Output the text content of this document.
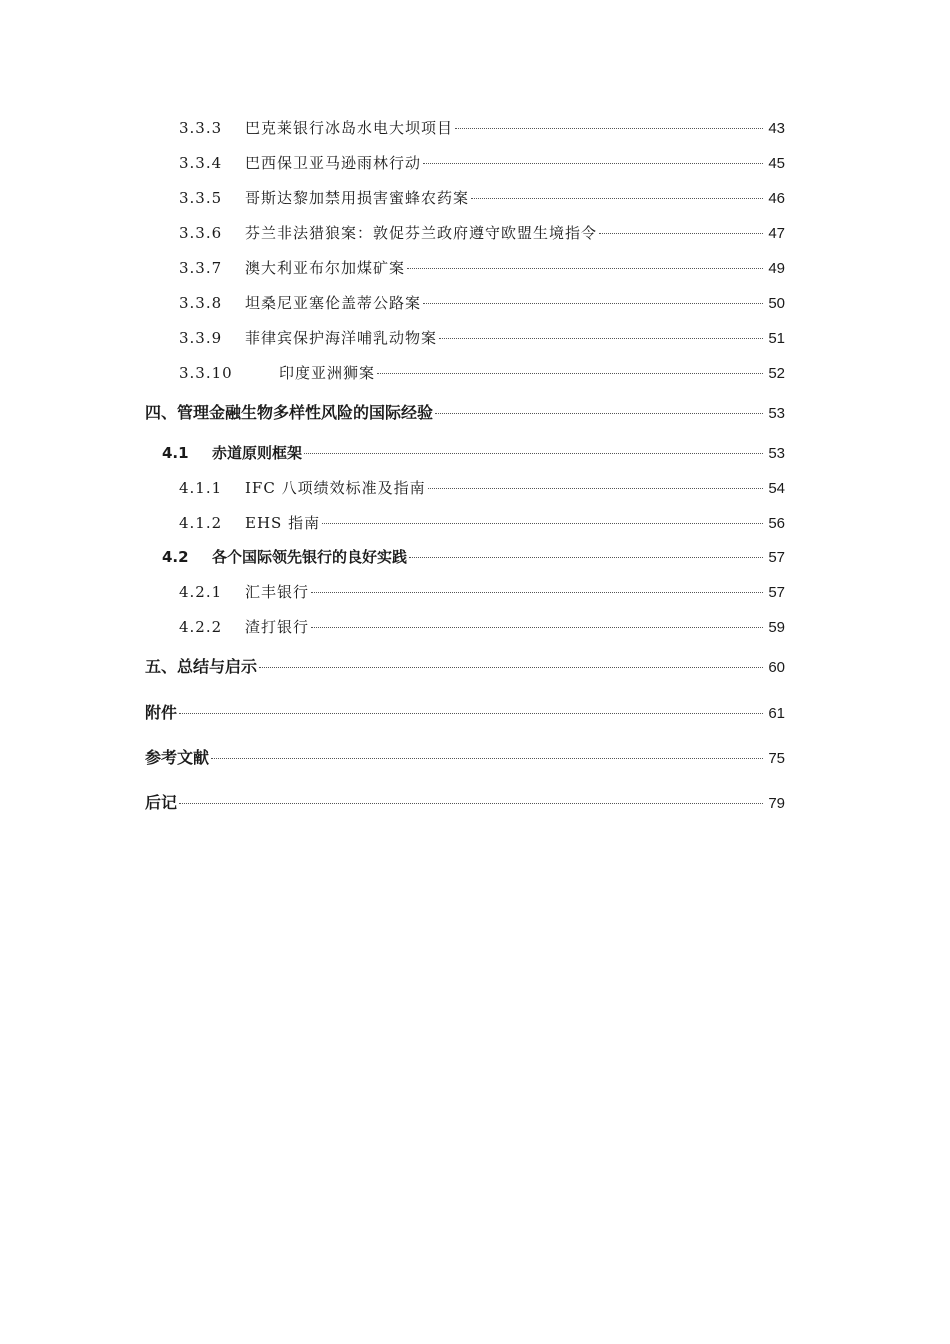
3.3.3	巴克莱银行冰岛水电大坝项目	43
3.3.4	巴西保卫亚马逊雨林行动	45
3.3.5	哥斯达黎加禁用损害蜜蜂农药案	46
3.3.6	芬兰非法猎狼案：敦促芬兰政府遵守欧盟生境指令	47
3.3.7	澳大利亚布尔加煤矿案	49
3.3.8	坦桑尼亚塞伦盖蒂公路案	50
3.3.9	菲律宾保护海洋哺乳动物案	51
3.3.10	印度亚洲狮案	52
四、管理金融生物多样性风险的国际经验	53
4.1	赤道原则框架	53
4.1.1	IFC 八项绩效标准及指南	54
4.1.2	EHS 指南	56
4.2	各个国际领先银行的良好实践	57
4.2.1	汇丰银行	57
4.2.2	渣打银行	59
五、总结与启示	60
附件	61
参考文献	75
后记	79
